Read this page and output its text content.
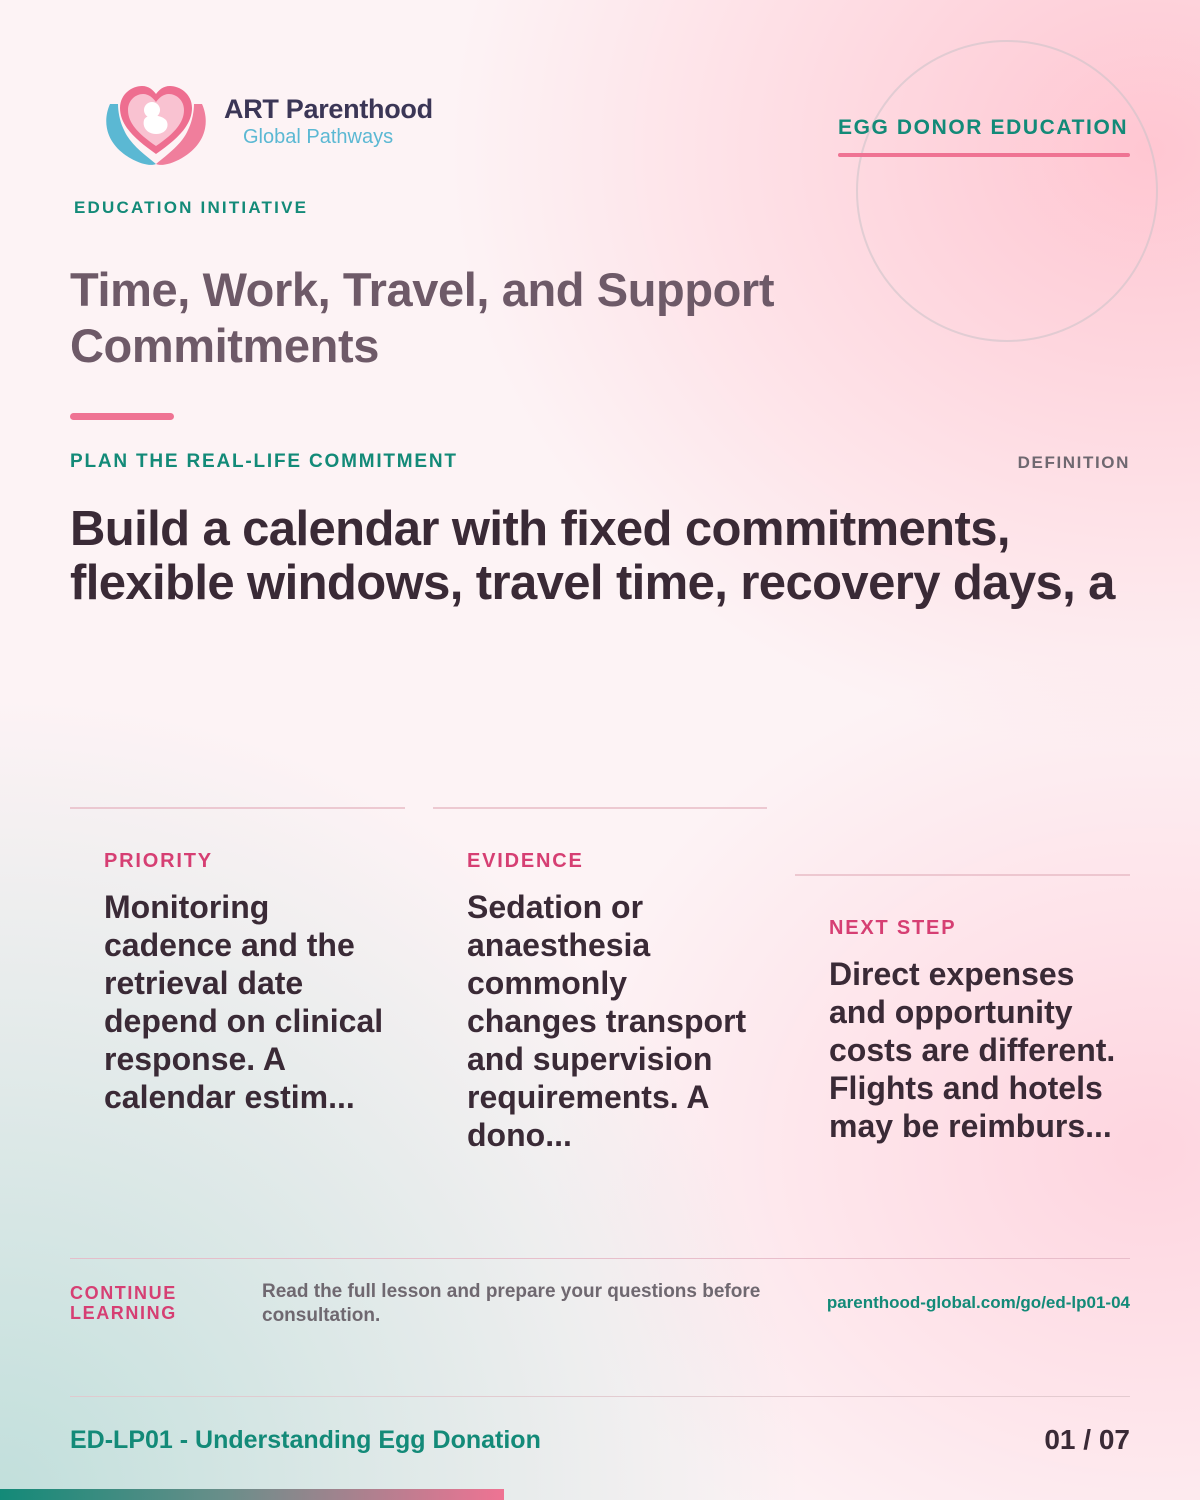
ART Parenthood
Global Pathways
EDUCATION INITIATIVE
EGG DONOR EDUCATION
Time, Work, Travel, and Support Commitments
PLAN THE REAL-LIFE COMMITMENT	DEFINITION
Build a calendar with fixed commitments, flexible windows, travel time, recovery days, a
PRIORITY
Monitoring cadence and the retrieval date depend on clinical response. A calendar estim...
EVIDENCE
Sedation or anaesthesia commonly changes transport and supervision requirements. A dono...
NEXT STEP
Direct expenses and opportunity costs are different. Flights and hotels may be reimburs...
CONTINUE LEARNING
Read the full lesson and prepare your questions before consultation.
parenthood-global.com/go/ed-lp01-04
ED-LP01 - Understanding Egg Donation	01 / 07
